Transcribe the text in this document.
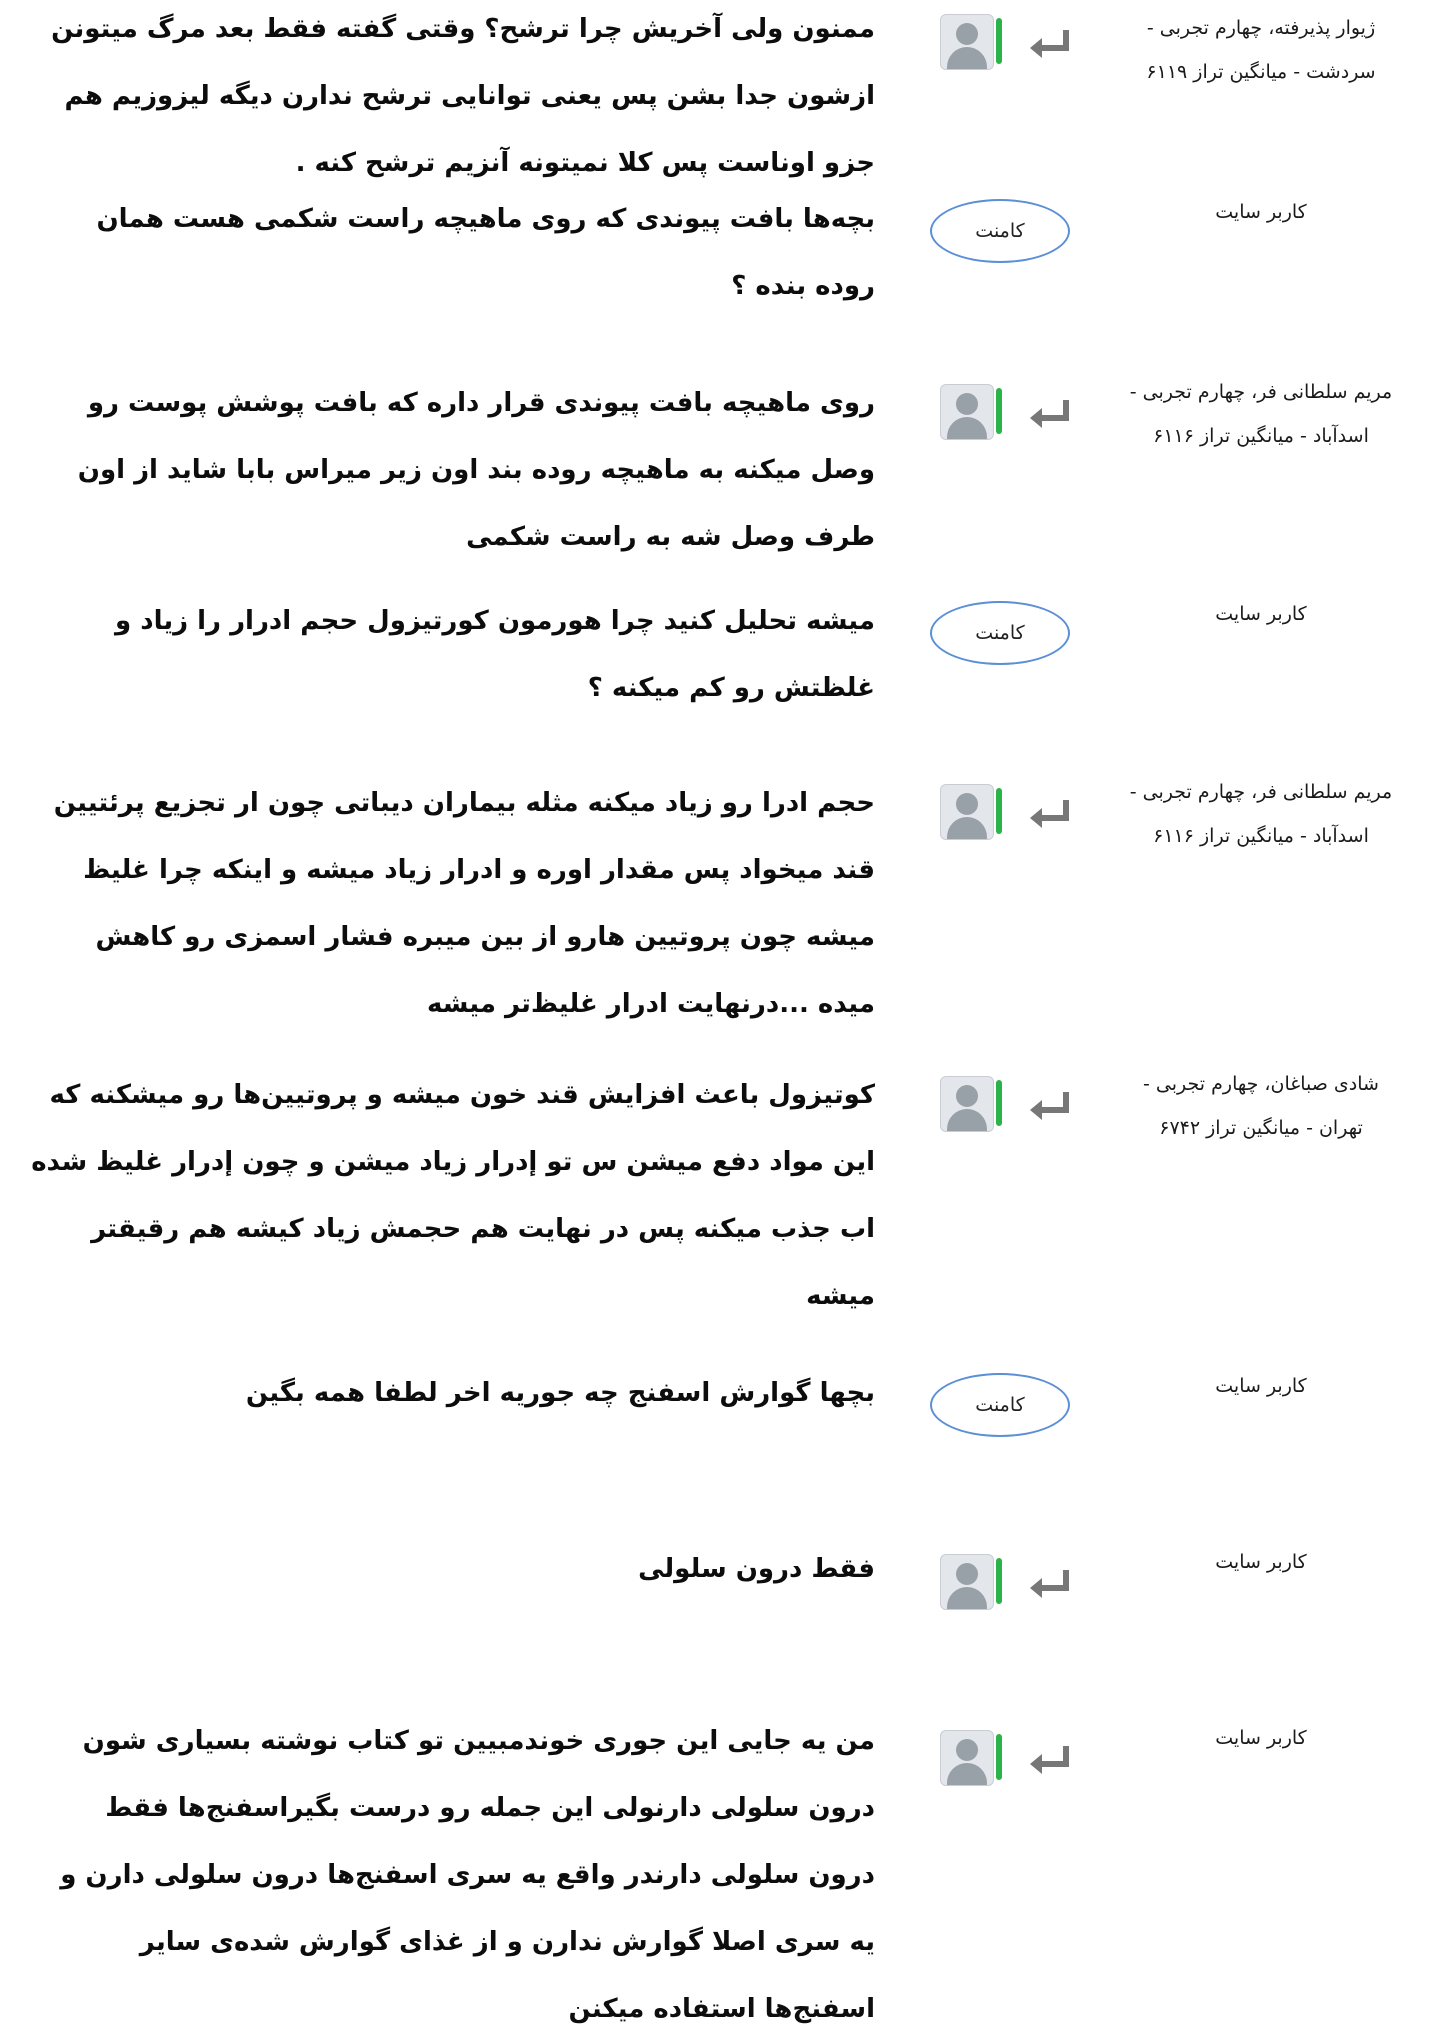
ژیوار پذیرفته، چهارم تجربی -
سردشت - میانگین تراز ۶۱۱۹
ممنون ولی آخریش چرا ترشح؟ وقتی گفته فقط بعد مرگ میتونن ازشون جدا بشن پس یعنی توانایی ترشح ندارن دیگه لیزوزیم هم جزو اوناست پس کلا نمیتونه آنزیم ترشح کنه .
کاربر سایت
کامنت
بچه‌ها بافت پیوندی که روی ماهیچه راست شکمی هست همان روده بنده ؟
مریم سلطانی فر، چهارم تجربی -
اسدآباد - میانگین تراز ۶۱۱۶
روی ماهیچه بافت پیوندی قرار داره که بافت پوشش پوست رو وصل میکنه به ماهیچه روده بند اون زیر میراس بابا شاید از اون طرف وصل شه به راست شکمی
کاربر سایت
کامنت
میشه تحلیل کنید چرا هورمون کورتیزول حجم ادرار را زیاد و غلظتش رو کم میکنه ؟
مریم سلطانی فر، چهارم تجربی -
اسدآباد - میانگین تراز ۶۱۱۶
حجم ادرا رو زیاد میکنه مثله بیماران دیباتی چون ار تجزیع پرئتیین قند میخواد پس مقدار اوره و ادرار زیاد میشه و اینکه چرا غلیظ میشه چون پروتیین هارو از بین میبره فشار اسمزی رو کاهش میده ...درنهایت ادرار غلیظ‌تر میشه
شادی صباغان، چهارم تجربی -
تهران - میانگین تراز ۶۷۴۲
کوتیزول باعث افزایش قند خون میشه و پروتیین‌ها رو میشکنه که این مواد دفع میشن س تو إدرار زیاد میشن و چون إدرار غلیظ شده اب جذب میکنه پس در نهایت هم حجمش زیاد کیشه هم رقیقتر میشه
کاربر سایت
کامنت
بچها گوارش اسفنج چه جوریه اخر لطفا همه بگین
کاربر سایت
فقط درون سلولی
کاربر سایت
من یه جایی این جوری خوندمبیین تو کتاب نوشته بسیاری شون درون سلولی دارنولی این جمله رو درست بگیراسفنج‌ها فقط درون سلولی دارندر واقع یه سری اسفنج‌ها درون سلولی دارن و یه سری اصلا گوارش ندارن و از غذای گوارش شده‌ی سایر اسفنج‌ها استفاده میکنن
